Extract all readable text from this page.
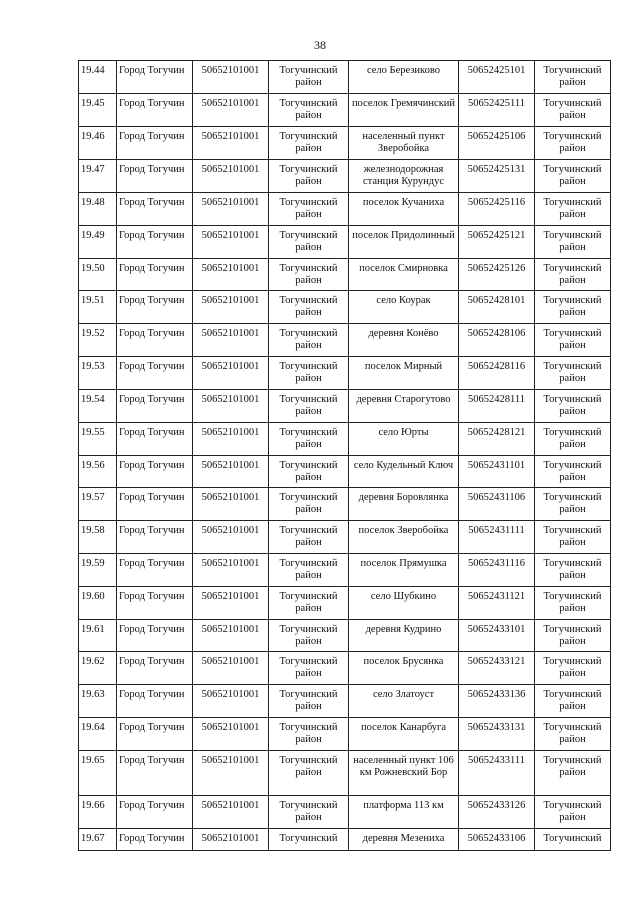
38
19.44	Город Тогучин	50652101001	Тогучинский район	село Березиково	50652425101	Тогучинский район
19.45	Город Тогучин	50652101001	Тогучинский район	поселок Гремячинский	50652425111	Тогучинский район
19.46	Город Тогучин	50652101001	Тогучинский район	населенный пункт Зверобойка	50652425106	Тогучинский район
19.47	Город Тогучин	50652101001	Тогучинский район	железнодорожная станция Курундус	50652425131	Тогучинский район
19.48	Город Тогучин	50652101001	Тогучинский район	поселок Кучаниха	50652425116	Тогучинский район
19.49	Город Тогучин	50652101001	Тогучинский район	поселок Придолинный	50652425121	Тогучинский район
19.50	Город Тогучин	50652101001	Тогучинский район	поселок Смирновка	50652425126	Тогучинский район
19.51	Город Тогучин	50652101001	Тогучинский район	село Коурак	50652428101	Тогучинский район
19.52	Город Тогучин	50652101001	Тогучинский район	деревня Конёво	50652428106	Тогучинский район
19.53	Город Тогучин	50652101001	Тогучинский район	поселок Мирный	50652428116	Тогучинский район
19.54	Город Тогучин	50652101001	Тогучинский район	деревня Старогутово	50652428111	Тогучинский район
19.55	Город Тогучин	50652101001	Тогучинский район	село Юрты	50652428121	Тогучинский район
19.56	Город Тогучин	50652101001	Тогучинский район	село Кудельный Ключ	50652431101	Тогучинский район
19.57	Город Тогучин	50652101001	Тогучинский район	деревня Боровлянка	50652431106	Тогучинский район
19.58	Город Тогучин	50652101001	Тогучинский район	поселок Зверобойка	50652431111	Тогучинский район
19.59	Город Тогучин	50652101001	Тогучинский район	поселок Прямушка	50652431116	Тогучинский район
19.60	Город Тогучин	50652101001	Тогучинский район	село Шубкино	50652431121	Тогучинский район
19.61	Город Тогучин	50652101001	Тогучинский район	деревня Кудрино	50652433101	Тогучинский район
19.62	Город Тогучин	50652101001	Тогучинский район	поселок Брусянка	50652433121	Тогучинский район
19.63	Город Тогучин	50652101001	Тогучинский район	село Златоуст	50652433136	Тогучинский район
19.64	Город Тогучин	50652101001	Тогучинский район	поселок Канарбуга	50652433131	Тогучинский район
19.65	Город Тогучин	50652101001	Тогучинский район	населенный пункт 106 км Рожневский Бор	50652433111	Тогучинский район
19.66	Город Тогучин	50652101001	Тогучинский район	платформа 113 км	50652433126	Тогучинский район
19.67	Город Тогучин	50652101001	Тогучинский	деревня Мезениха	50652433106	Тогучинский
